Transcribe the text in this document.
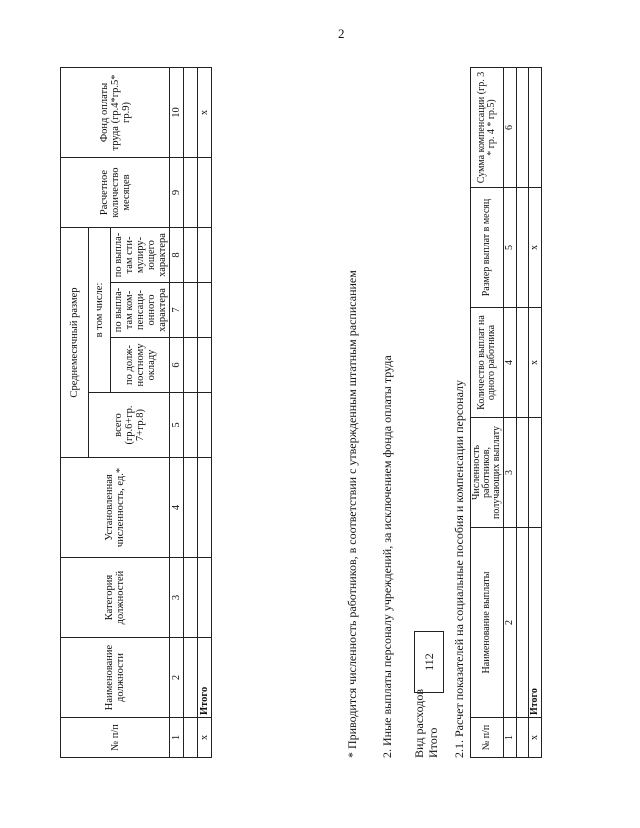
2
№ п/п	Наименование должности	Категория должностей	Установленная численность, ед.*	Среднемесячный размер				Расчетное количество месяцев	Фонд оплаты труда (гр.4*гр.5* гр.9)
				всего (гр.6+гр. 7+гр.8)	в том числе:				
					по долж-ностному окладу	по выпла-там ком-пенсаци-онного характера	по выпла-там сти-мулиру-ющего характера		

1	2	3	4	5	6	7	8	9	10

x	Итого								x
* Приводится численность работников, в соответствии с утвержденным штатным расписанием 2. Иные выплаты персоналу учреждений, за исключением фонда оплаты труда Вид расходов Итого
112	2.1. Расчет показателей на социальные пособия и компенсации персоналу № п/п	Наименование выплаты	Численность работников, получающих выплату	Количество выплат на одного работника	Размер выплат в месяц	Сумма компенсации (гр. 3 * гр. 4 * гр.5)
1	2	3	4	5	6

x	Итого		x	x	
